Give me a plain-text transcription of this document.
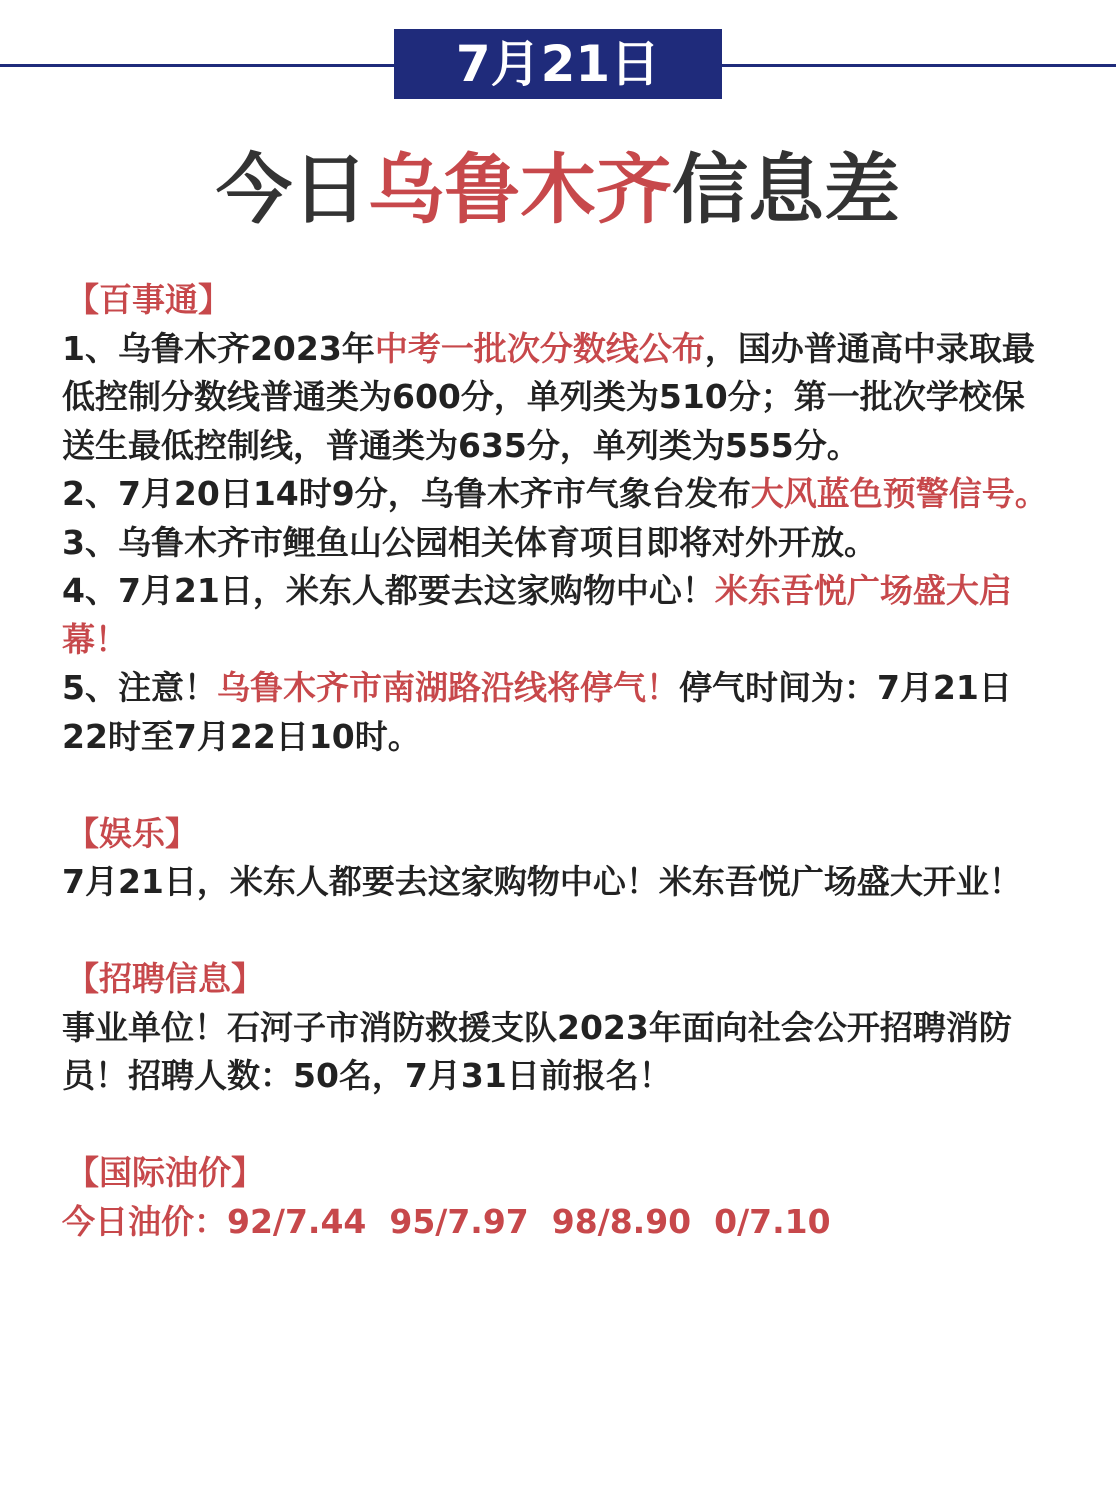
7月21日
今日乌鲁木齐信息差
【百事通】

1、乌鲁木齐2023年中考一批次分数线公布，国办普通高中录取最低控制分数线普通类为600分，单列类为510分；第一批次学校保送生最低控制线，普通类为635分，单列类为555分。

2、7月20日14时9分，乌鲁木齐市气象台发布大风蓝色预警信号。

3、乌鲁木齐市鲤鱼山公园相关体育项目即将对外开放。

4、7月21日，米东人都要去这家购物中心！米东吾悦广场盛大启幕！

5、注意！乌鲁木齐市南湖路沿线将停气！停气时间为：7月21日22时至7月22日10时。

【娱乐】

7月21日，米东人都要去这家购物中心！米东吾悦广场盛大开业！

【招聘信息】

事业单位！石河子市消防救援支队2023年面向社会公开招聘消防员！招聘人数：50名，7月31日前报名！

【国际油价】

今日油价：92/7.44  95/7.97  98/8.90  0/7.10
